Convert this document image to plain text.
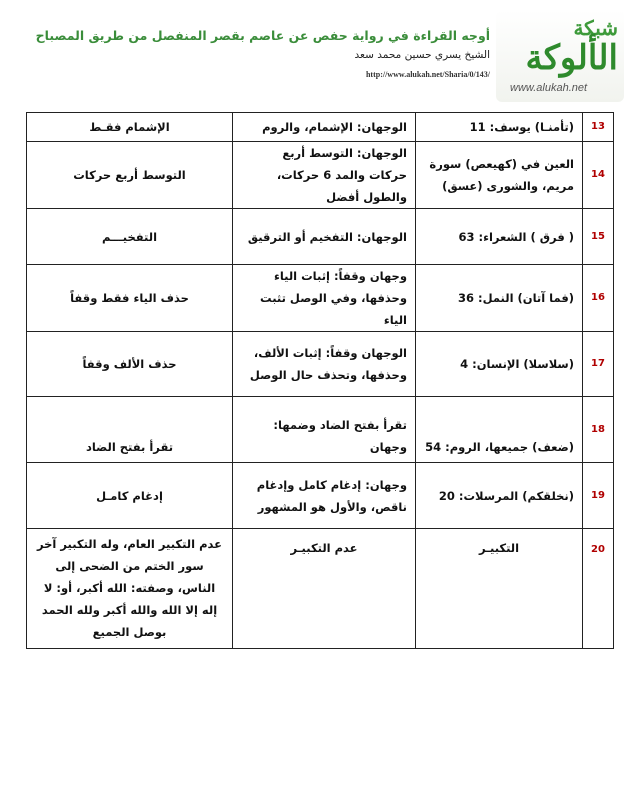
شبكة
الألوكة
www.alukah.net
أوجه القراءة في رواية حفص عن عاصم بقصر المنفصل من طريق المصباح
الشيخ يسري حسين محمد سعد
http://www.alukah.net/Sharia/0/143/
13	(تأمنـا) يوسف: 11	الوجهان: الإشمام، والروم	الإشمام فقـط
14	العين في (كهيعص) سورة مريم، والشورى (عسق)	الوجهان: التوسط أربع حركات والمد 6 حركات، والطول أفضل	التوسط أربع حركات
15	( فرق ) الشعراء: 63	الوجهان: التفخيم أو الترقيق	التفخيـــم
16	(فما آتان) النمل: 36	وجهان وقفاً: إثبات الياء وحذفها، وفي الوصل تثبت الياء	حذف الياء فقط وقفاً
17	(سلاسلا) الإنسان: 4	الوجهان وقفاً: إثبات الألف، وحذفها، وتحذف حال الوصل	حذف الألف وقفاً
18	(ضعف) جميعها، الروم: 54	تقرأ بفتح الضاد وضمها: وجهان	تقرأ بفتح الضاد
19	(نخلقكم) المرسلات: 20	وجهان: إدغام كامل وإدغام ناقص، والأول هو المشهور	إدغام كامـل
20	التكبيـر	عدم التكبيـر	عدم التكبير العام، وله التكبير آخر سور الختم من الضحى إلى الناس، وصفته: الله أكبر، أو: لا إله إلا الله والله أكبر ولله الحمد بوصل الجميع
